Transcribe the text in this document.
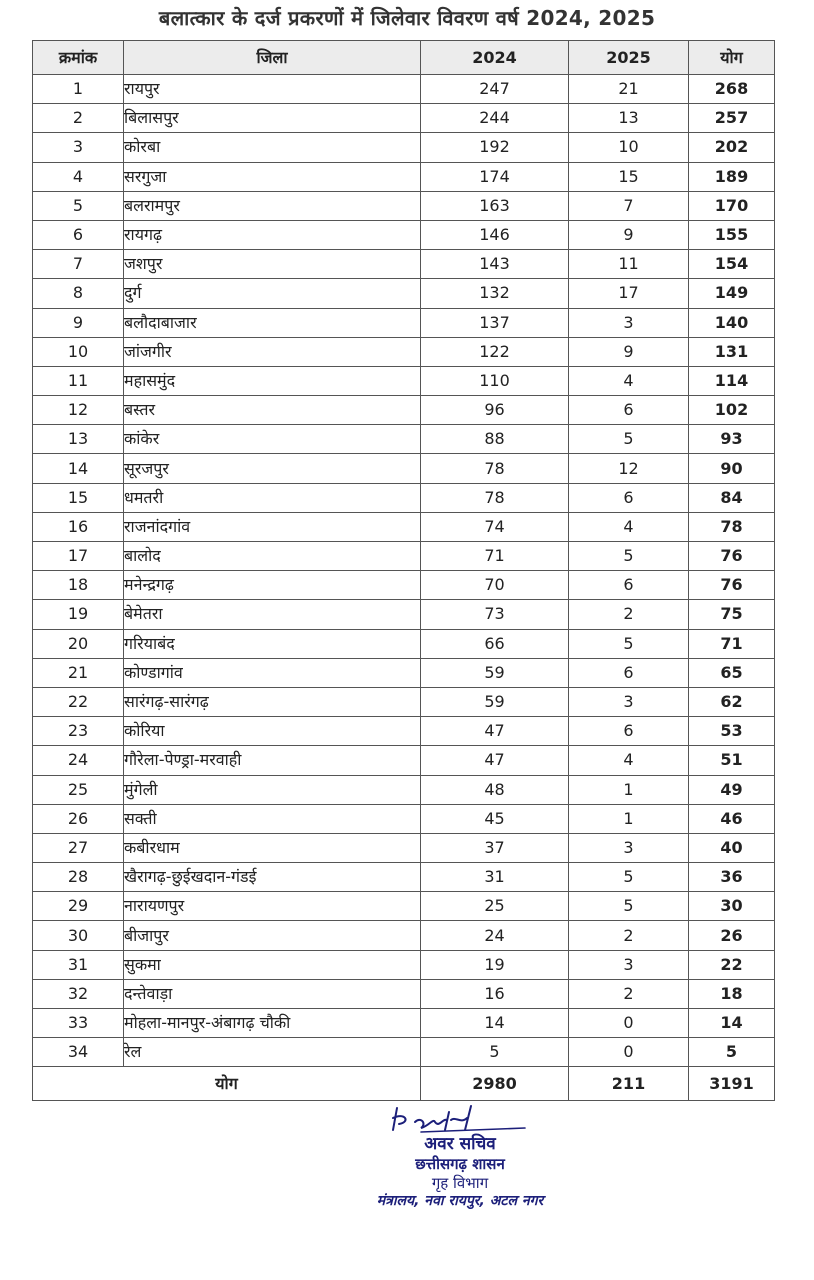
बलात्कार के दर्ज प्रकरणों में जिलेवार विवरण वर्ष 2024, 2025
क्रमांक	जिला	2024	2025	योग
1	रायपुर	247	21	268
2	बिलासपुर	244	13	257
3	कोरबा	192	10	202
4	सरगुजा	174	15	189
5	बलरामपुर	163	7	170
6	रायगढ़	146	9	155
7	जशपुर	143	11	154
8	दुर्ग	132	17	149
9	बलौदाबाजार	137	3	140
10	जांजगीर	122	9	131
11	महासमुंद	110	4	114
12	बस्तर	96	6	102
13	कांकेर	88	5	93
14	सूरजपुर	78	12	90
15	धमतरी	78	6	84
16	राजनांदगांव	74	4	78
17	बालोद	71	5	76
18	मनेन्द्रगढ़	70	6	76
19	बेमेतरा	73	2	75
20	गरियाबंद	66	5	71
21	कोण्डागांव	59	6	65
22	सारंगढ़-सारंगढ़	59	3	62
23	कोरिया	47	6	53
24	गौरेला-पेण्ड्रा-मरवाही	47	4	51
25	मुंगेली	48	1	49
26	सक्ती	45	1	46
27	कबीरधाम	37	3	40
28	खैरागढ़-छुईखदान-गंडई	31	5	36
29	नारायणपुर	25	5	30
30	बीजापुर	24	2	26
31	सुकमा	19	3	22
32	दन्तेवाड़ा	16	2	18
33	मोहला-मानपुर-अंबागढ़ चौकी	14	0	14
34	रेल	5	0	5
योग		2980	211	3191
अवर सचिव
छत्तीसगढ़ शासन
गृह विभाग
मंत्रालय, नवा रायपुर, अटल नगर
